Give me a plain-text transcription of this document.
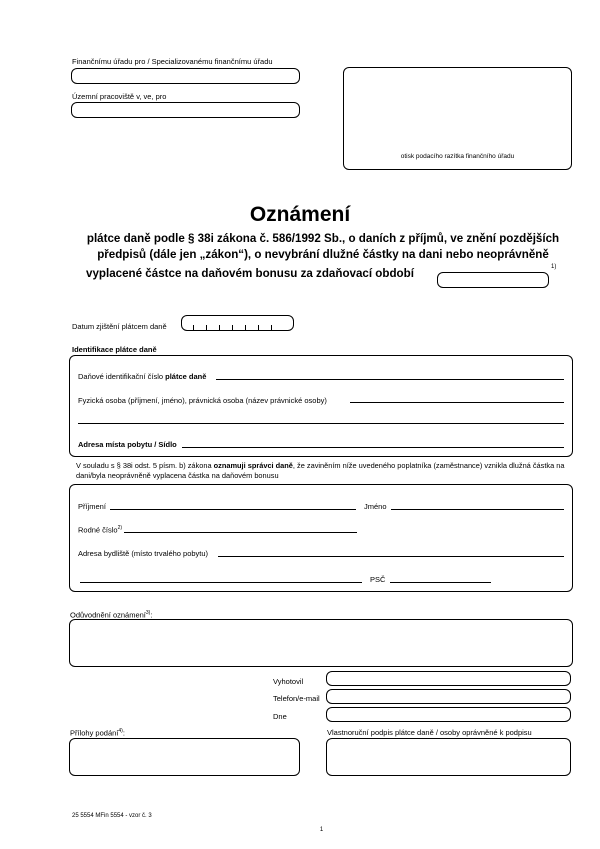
Finančnímu úřadu pro / Specializovanému finančnímu úřadu
Územní pracoviště v, ve, pro
otisk podacího razítka finančního úřadu
Oznámení
plátce daně podle § 38i zákona č. 586/1992 Sb., o daních z příjmů, ve znění pozdějších
předpisů (dále jen „zákon“), o nevybrání dlužné částky na dani nebo neoprávněně
vyplacené částce na daňovém bonusu za zdaňovací období	1)
Datum zjištění plátcem daně
Identifikace plátce daně
Daňové identifikační číslo plátce daně
Fyzická osoba (příjmení, jméno), právnická osoba (název právnické osoby)
Adresa místa pobytu / Sídlo
V souladu s § 38i odst. 5 písm. b) zákona oznamuji správci daně, že zaviněním níže uvedeného poplatníka (zaměstnance) vznikla dlužná částka na dani/byla neoprávněně vyplacena částka na daňovém bonusu
Příjmení	Jméno
Rodné číslo$^{2)}$
Adresa bydliště (místo trvalého pobytu)
PSČ
Odůvodnění oznámení$^{3)}$:
Vyhotovil
Telefon/e-mail
Dne
Přílohy podání$^{4)}$:	Vlastnoruční podpis plátce daně / osoby oprávněné k podpisu
25 5554 MFin 5554 - vzor č. 3
1
